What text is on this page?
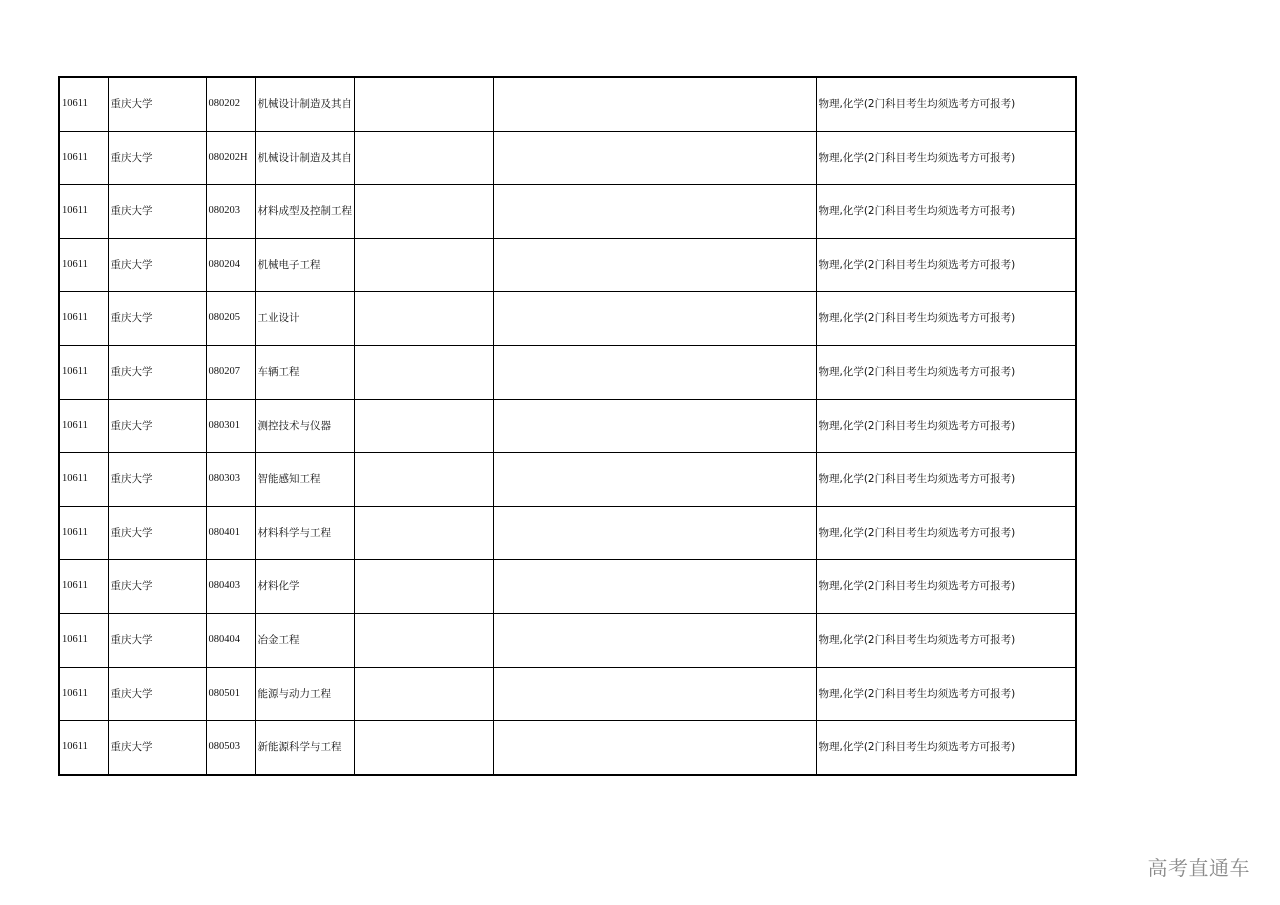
10611	重庆大学	080202	机械设计制造及其自			物理,化学(2门科目考生均须选考方可报考)
10611	重庆大学	080202H	机械设计制造及其自			物理,化学(2门科目考生均须选考方可报考)
10611	重庆大学	080203	材料成型及控制工程			物理,化学(2门科目考生均须选考方可报考)
10611	重庆大学	080204	机械电子工程			物理,化学(2门科目考生均须选考方可报考)
10611	重庆大学	080205	工业设计			物理,化学(2门科目考生均须选考方可报考)
10611	重庆大学	080207	车辆工程			物理,化学(2门科目考生均须选考方可报考)
10611	重庆大学	080301	测控技术与仪器			物理,化学(2门科目考生均须选考方可报考)
10611	重庆大学	080303	智能感知工程			物理,化学(2门科目考生均须选考方可报考)
10611	重庆大学	080401	材料科学与工程			物理,化学(2门科目考生均须选考方可报考)
10611	重庆大学	080403	材料化学			物理,化学(2门科目考生均须选考方可报考)
10611	重庆大学	080404	冶金工程			物理,化学(2门科目考生均须选考方可报考)
10611	重庆大学	080501	能源与动力工程			物理,化学(2门科目考生均须选考方可报考)
10611	重庆大学	080503	新能源科学与工程			物理,化学(2门科目考生均须选考方可报考)
高考直通车
